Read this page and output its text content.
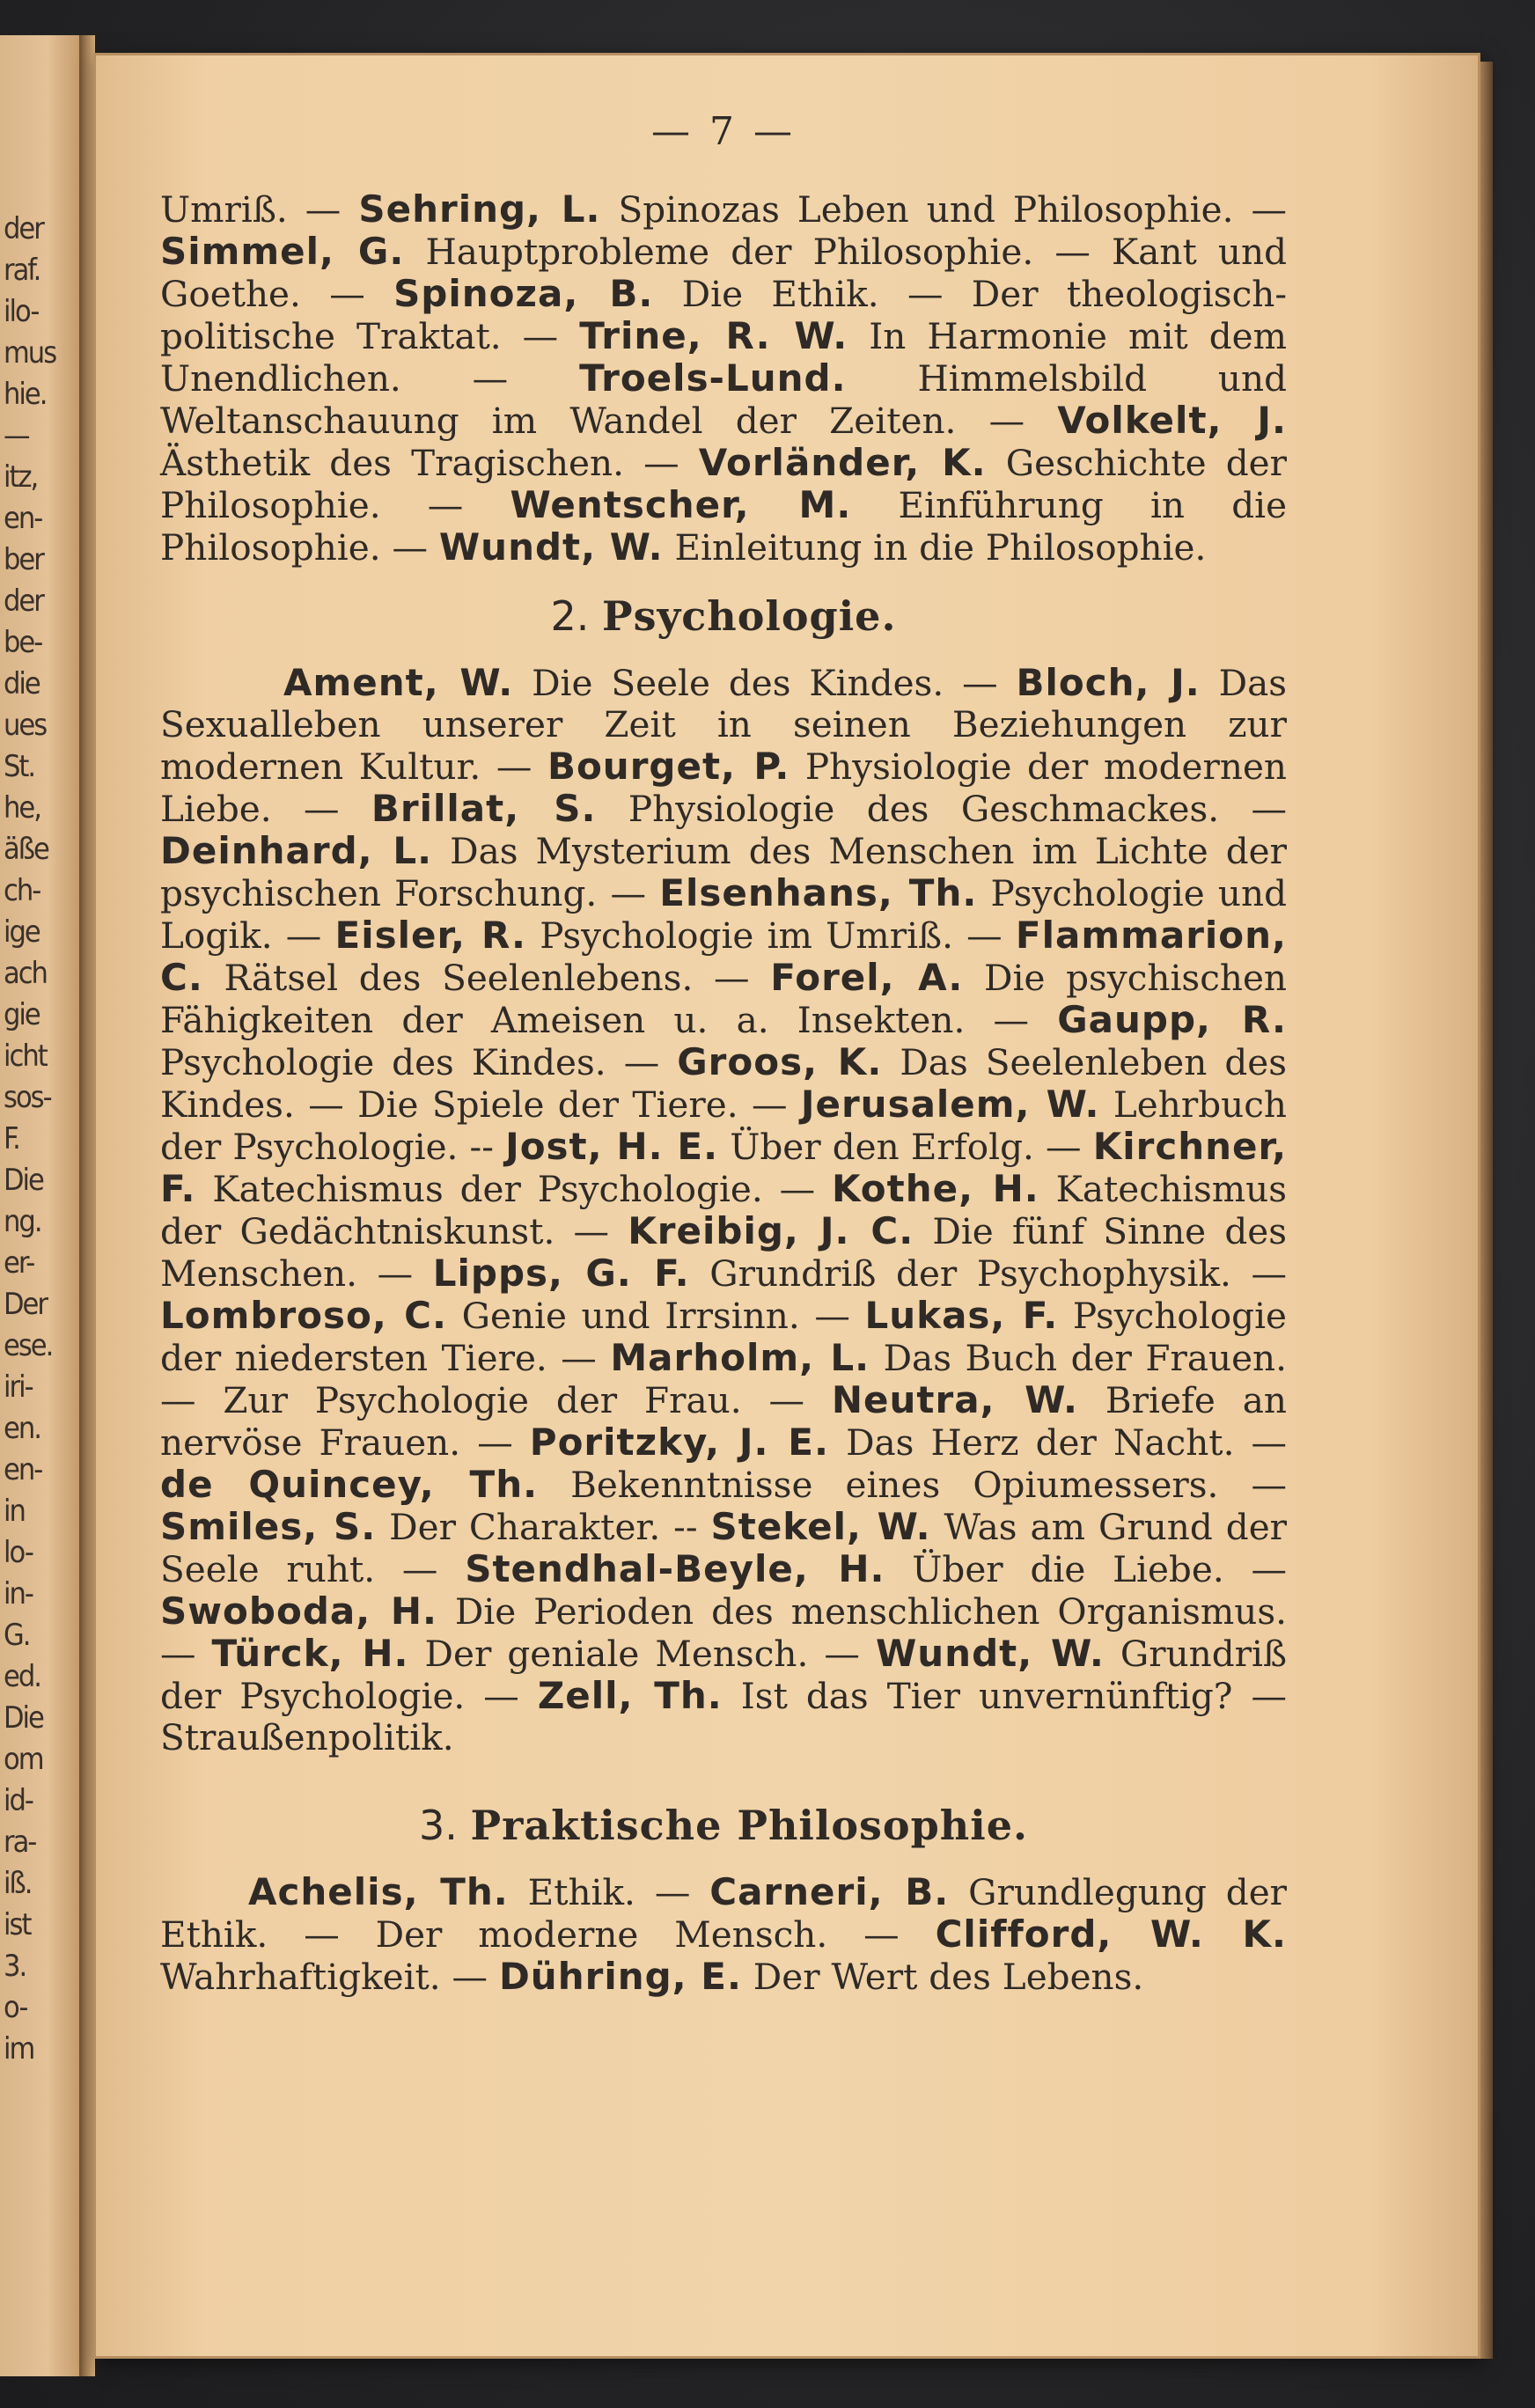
der
raf.
ilo-
mus
hie.
—
itz,
en-
ber
der
be-
die
ues
St.
he,
äße
ch-
ige
ach
gie
icht
sos-
F.
Die
ng.
er-
Der
ese.
iri-
en.
en-
in
lo-
in-
G.
ed.
Die
om
id-
ra-
iß.
ist
3.
o-
im
— 7 —

Umriß. — Sehring, L. Spinozas Leben und Philosophie. — Simmel, G. Hauptprobleme der Philosophie. — Kant und Goethe. — Spinoza, B. Die Ethik. — Der theologisch-politische Traktat. — Trine, R. W. In Harmonie mit dem Unendlichen. — Troels-Lund. Himmelsbild und Weltanschauung im Wandel der Zeiten. — Volkelt, J. Ästhetik des Tragischen. — Vorländer, K. Geschichte der Philosophie. — Wentscher, M. Einführung in die Philosophie. — Wundt, W. Einleitung in die Philosophie.

2. Psychologie.

Ament, W. Die Seele des Kindes. — Bloch, J. Das Sexualleben unserer Zeit in seinen Beziehungen zur modernen Kultur. — Bourget, P. Physiologie der modernen Liebe. — Brillat, S. Physiologie des Geschmackes. — Deinhard, L. Das Mysterium des Menschen im Lichte der psychischen Forschung. — Elsenhans, Th. Psychologie und Logik. — Eisler, R. Psychologie im Umriß. — Flammarion, C. Rätsel des Seelenlebens. — Forel, A. Die psychischen Fähigkeiten der Ameisen u. a. Insekten. — Gaupp, R. Psychologie des Kindes. — Groos, K. Das Seelenleben des Kindes. — Die Spiele der Tiere. — Jerusalem, W. Lehrbuch der Psychologie. -- Jost, H. E. Über den Erfolg. — Kirchner, F. Katechismus der Psychologie. — Kothe, H. Katechismus der Gedächtniskunst. — Kreibig, J. C. Die fünf Sinne des Menschen. — Lipps, G. F. Grundriß der Psychophysik. — Lombroso, C. Genie und Irrsinn. — Lukas, F. Psychologie der niedersten Tiere. — Marholm, L. Das Buch der Frauen. — Zur Psychologie der Frau. — Neutra, W. Briefe an nervöse Frauen. — Poritzky, J. E. Das Herz der Nacht. — de Quincey, Th. Bekenntnisse eines Opiumessers. — Smiles, S. Der Charakter. -- Stekel, W. Was am Grund der Seele ruht. — Stendhal-Beyle, H. Über die Liebe. — Swoboda, H. Die Perioden des menschlichen Organismus. — Türck, H. Der geniale Mensch. — Wundt, W. Grundriß der Psychologie. — Zell, Th. Ist das Tier unvernünftig? — Straußenpolitik.

3. Praktische Philosophie.

Achelis, Th. Ethik. — Carneri, B. Grundlegung der Ethik. — Der moderne Mensch. — Clifford, W. K. Wahrhaftigkeit. — Dühring, E. Der Wert des Lebens.
